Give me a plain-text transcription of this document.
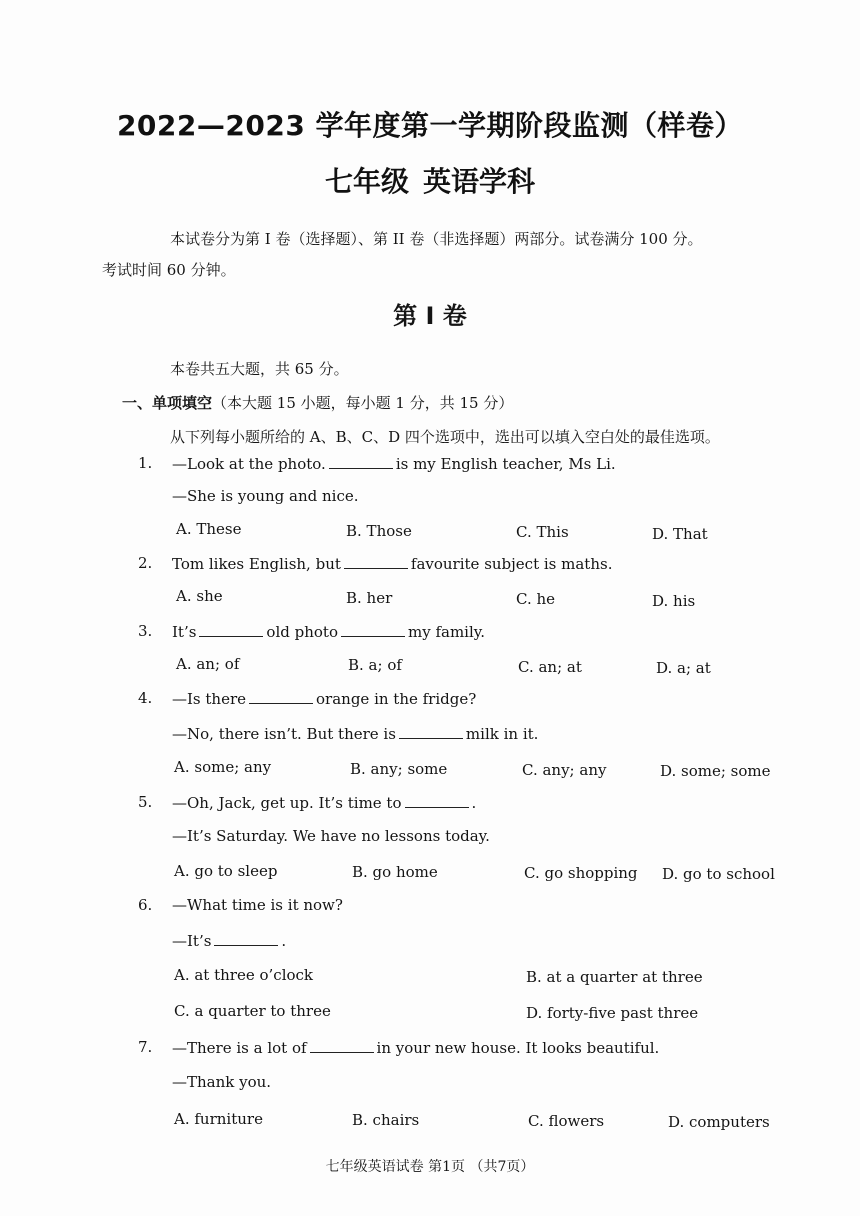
2022—2023 学年度第一学期阶段监测（样卷）
七年级 英语学科
本试卷分为第 I 卷（选择题）、第 II 卷（非选择题）两部分。试卷满分 100 分。
考试时间 60 分钟。
第 I 卷
本卷共五大题，共 65 分。
一、单项填空（本大题 15 小题，每小题 1 分，共 15 分）
从下列每小题所给的 A、B、C、D 四个选项中，选出可以填入空白处的最佳选项。
1. —Look at the photo.	is my English teacher, Ms Li.
—She is young and nice.
A. These	B. Those	C. This	D. That
2. Tom likes English, but	favourite subject is maths.
A. she	B. her	C. he	D. his
3. It’s	old photo	my family.
A. an; of	B. a; of	C. an; at	D. a; at
4. —Is there	orange in the fridge?
—No, there isn’t. But there is	milk in it.
A. some; any	B. any; some	C. any; any	D. some; some
5. —Oh, Jack, get up. It’s time to	.
—It’s Saturday. We have no lessons today.
A. go to sleep	B. go home	C. go shopping D. go to school
6. —What time is it now?
—It’s	.
A. at three o’clock	B. at a quarter at three
C. a quarter to three	D. forty-five past three
7. —There is a lot of	in your new house. It looks beautiful.
—Thank you.
A. furniture	B. chairs	C. flowers	D. computers
七年级英语试卷 第1页 （共7页）
